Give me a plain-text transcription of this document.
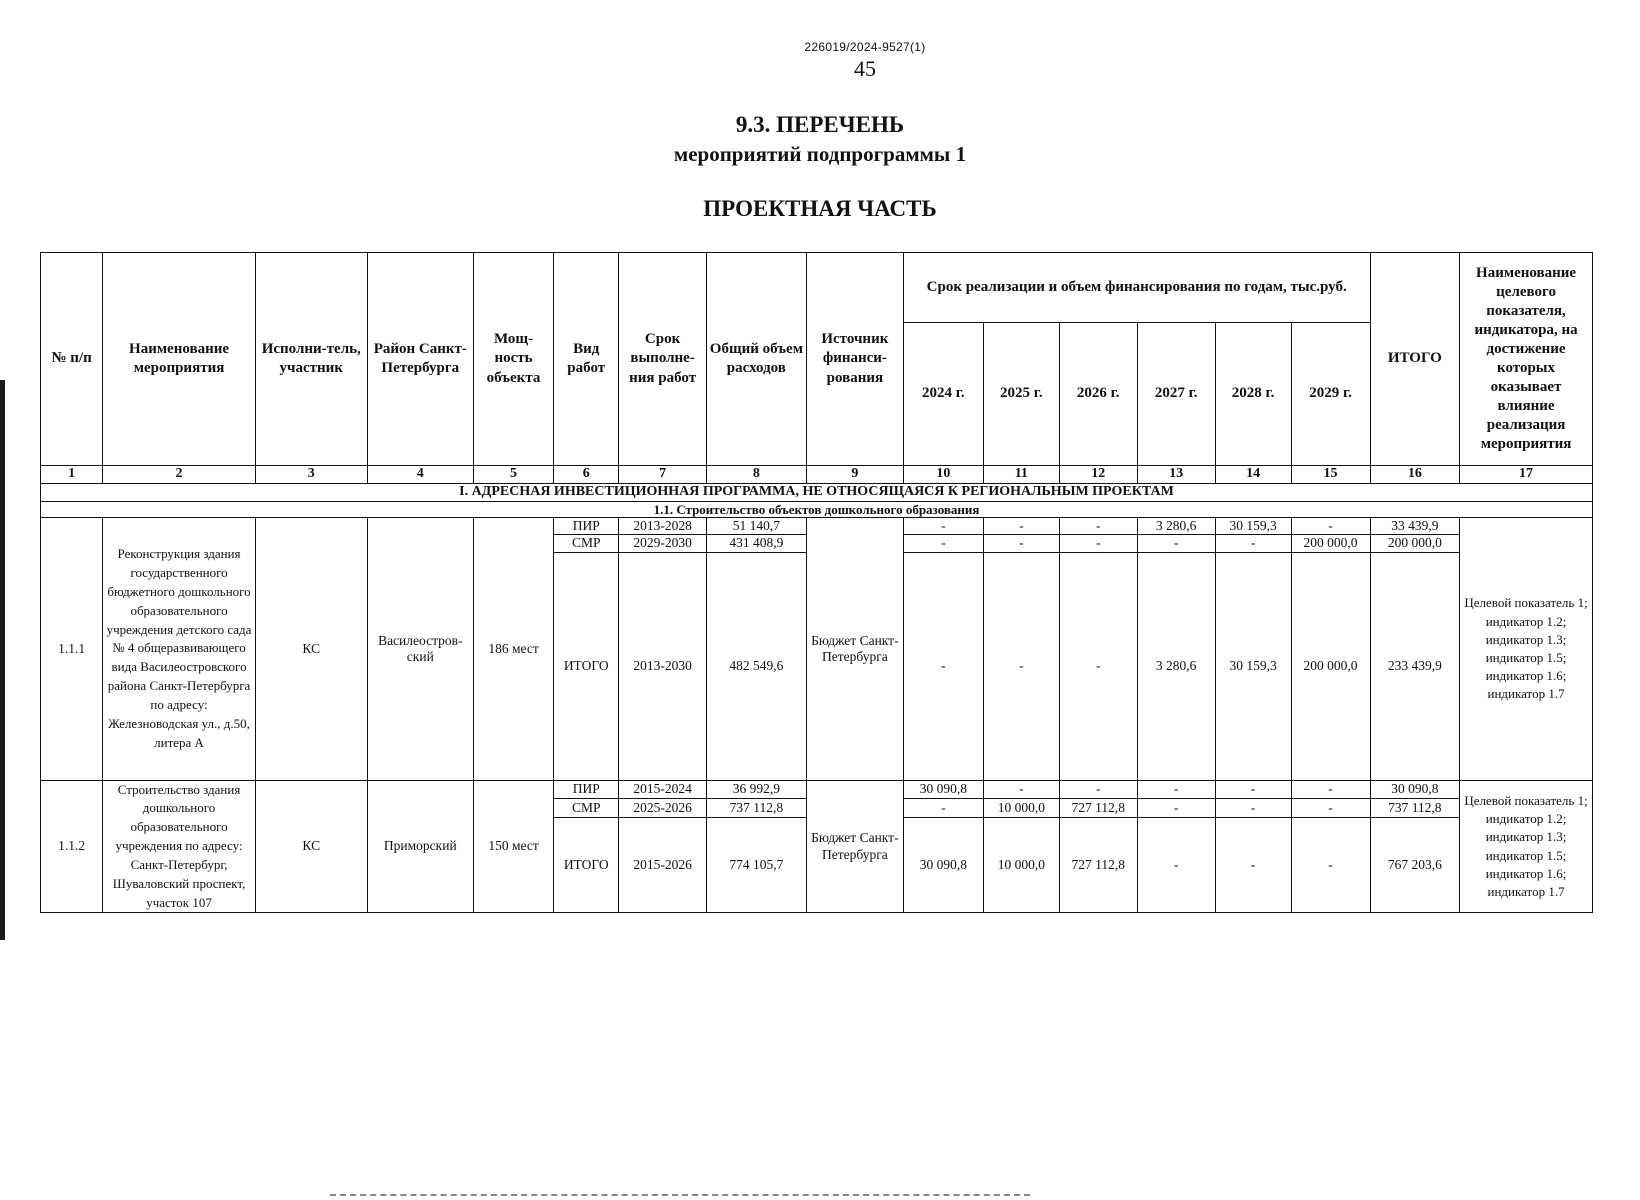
226019/2024-9527(1)
45
9.3. ПЕРЕЧЕНЬ
мероприятий подпрограммы 1
ПРОЕКТНАЯ ЧАСТЬ
№ п/п	Наименование мероприятия	Исполни-тель, участник	Район Санкт-Петербурга	Мощ-ность объекта	Вид работ	Срок выполне-ния работ	Общий объем расходов	Источник финанси-рования	Срок реализации и объем финансирования по годам, тыс.руб.						ИТОГО	Наименование целевого показателя, индикатора, на достижение которых оказывает влияние реализация мероприятия
									2024 г.	2025 г.	2026 г.	2027 г.	2028 г.	2029 г.		
1	2	3	4	5	6	7	8	9	10	11	12	13	14	15	16	17
I. АДРЕСНАЯ ИНВЕСТИЦИОННАЯ ПРОГРАММА, НЕ ОТНОСЯЩАЯСЯ К РЕГИОНАЛЬНЫМ ПРОЕКТАМ																
1.1. Строительство объектов дошкольного образования																
1.1.1	Реконструкция здания государственного бюджетного дошкольного образовательного учреждения детского сада № 4 общеразвивающего вида Василеостровского района Санкт-Петербурга по адресу: Железноводская ул., д.50, литера А	КС	Василеостров-ский	186 мест	ПИР	2013-2028	51 140,7	Бюджет Санкт-Петербурга	-	-	-	3 280,6	30 159,3	-	33 439,9	Целевой показатель 1; индикатор 1.2; индикатор 1.3; индикатор 1.5; индикатор 1.6; индикатор 1.7
					СМР	2029-2030	431 408,9		-	-	-	-	-	200 000,0	200 000,0	
					ИТОГО	2013-2030	482 549,6		-	-	-	3 280,6	30 159,3	200 000,0	233 439,9	
1.1.2	Строительство здания дошкольного образовательного учреждения по адресу: Санкт-Петербург, Шуваловский проспект, участок 107	КС	Приморский	150 мест	ПИР	2015-2024	36 992,9	Бюджет Санкт-Петербурга	30 090,8	-	-	-	-	-	30 090,8	Целевой показатель 1; индикатор 1.2; индикатор 1.3; индикатор 1.5; индикатор 1.6; индикатор 1.7
					СМР	2025-2026	737 112,8		-	10 000,0	727 112,8	-	-	-	737 112,8	
					ИТОГО	2015-2026	774 105,7		30 090,8	10 000,0	727 112,8	-	-	-	767 203,6	
